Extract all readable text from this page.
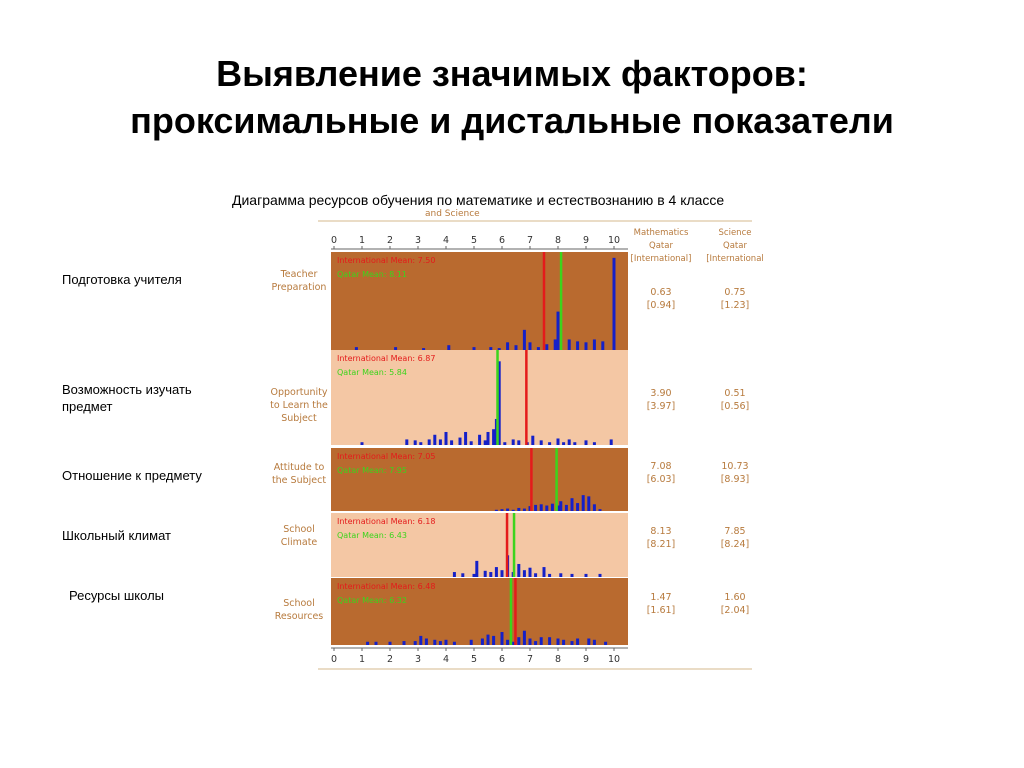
Выявление значимых факторов:
проксимальные и дистальные показатели
Диаграмма ресурсов обучения по математике и естествознанию в 4 классе
Подготовка учителя
Возможность изучать предмет
Отношение к предмету
Школьный климат
Ресурсы школы
and Science
Mathematics
Qatar
[International]
Science
Qatar
[International
0
0
1
1
2
2
3
3
4
4
5
5
6
6
7
7
8
8
9
9
10
10
International Mean: 7.50
Qatar Mean: 8.11
Teacher
Preparation	0.63
[0.94]
0.75
[1.23]
International Mean: 6.87
Qatar Mean: 5.84
Opportunity
to Learn the
Subject
3.90
[3.97]
0.51
[0.56]
International Mean: 7.05
Qatar Mean: 7.95
Attitude to
the Subject
7.08
[6.03]
10.73
[8.93]
International Mean: 6.18
Qatar Mean: 6.43
School
Climate
8.13
[8.21]
7.85
[8.24]
International Mean: 6.48
Qatar Mean: 6.32
School
Resources
1.47
[1.61]
1.60
[2.04]
